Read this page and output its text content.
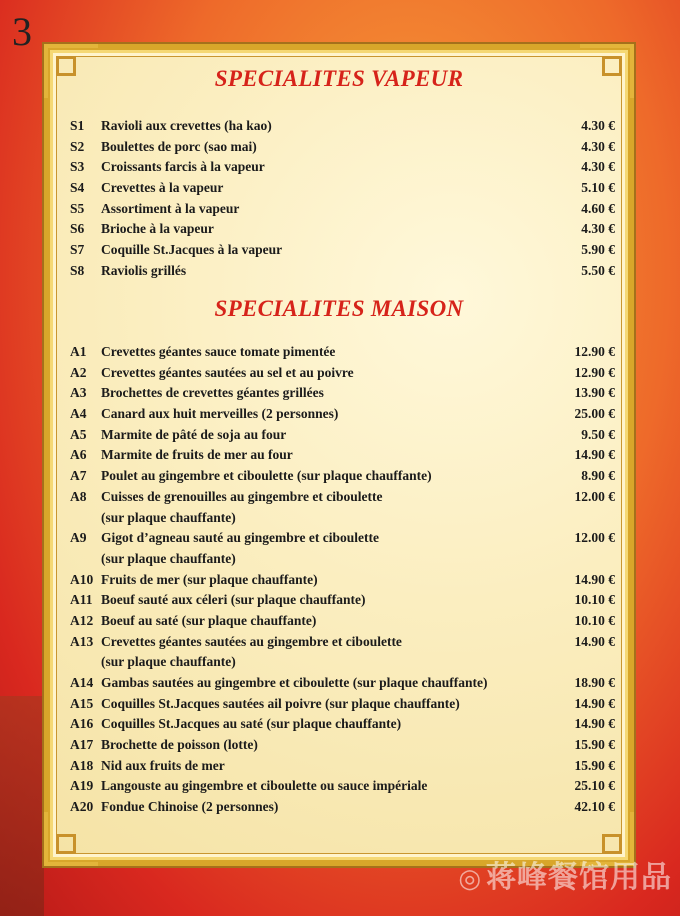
3
SPECIALITES VAPEUR
S1 Ravioli aux crevettes (ha kao)	4.30 €
S2 Boulettes de porc (sao mai)	4.30 €
S3 Croissants farcis à la vapeur	4.30 €
S4 Crevettes à la vapeur	5.10 €
S5 Assortiment à la vapeur	4.60 €
S6 Brioche à la vapeur	4.30 €
S7 Coquille St.Jacques à la vapeur	5.90 €
S8 Raviolis grillés	5.50 €
SPECIALITES MAISON
A1 Crevettes géantes sauce tomate pimentée	12.90 €
A2 Crevettes géantes sautées au sel et au poivre	12.90 €
A3 Brochettes de crevettes géantes grillées	13.90 €
A4 Canard aux huit merveilles (2 personnes)	25.00 €
A5 Marmite de pâté de soja au four	9.50 €
A6 Marmite de fruits de mer au four	14.90 €
A7 Poulet au gingembre et ciboulette (sur plaque chauffante)	8.90 €
A8 Cuisses de grenouilles au gingembre et ciboulette	12.00 €
(sur plaque chauffante)
A9 Gigot d’agneau sauté au gingembre et ciboulette	12.00 €
(sur plaque chauffante)
A10 Fruits de mer (sur plaque chauffante)	14.90 €
A11 Boeuf sauté aux céleri (sur plaque chauffante)	10.10 €
A12 Boeuf au saté (sur plaque chauffante)	10.10 €
A13 Crevettes géantes sautées au gingembre et ciboulette	14.90 €
(sur plaque chauffante)
A14 Gambas sautées au gingembre et ciboulette (sur plaque chauffante)	18.90 €
A15 Coquilles St.Jacques sautées ail poivre (sur plaque chauffante)	14.90 €
A16 Coquilles St.Jacques au saté (sur plaque chauffante)	14.90 €
A17 Brochette de poisson (lotte)	15.90 €
A18 Nid aux fruits de mer	15.90 €
A19 Langouste au gingembre et ciboulette ou sauce impériale	25.10 €
A20 Fondue Chinoise (2 personnes)	42.10 €
◎ 蒋峰餐馆用品
